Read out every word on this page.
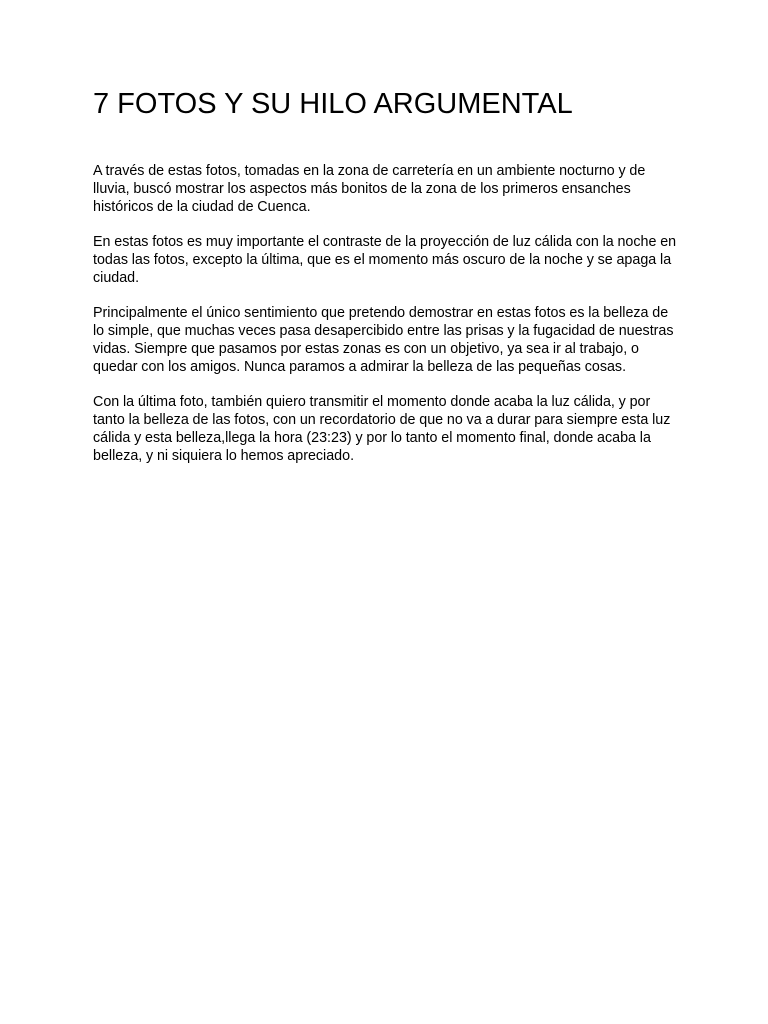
7 FOTOS Y SU HILO ARGUMENTAL

A través de estas fotos, tomadas en la zona de carretería en un ambiente nocturno y de lluvia, buscó mostrar los aspectos más bonitos de la zona de los primeros ensanches históricos de la ciudad de Cuenca.

En estas fotos es muy importante el contraste de la proyección de luz cálida con la noche en todas las fotos, excepto la última, que es el momento más oscuro de la noche y se apaga la ciudad.

Principalmente el único sentimiento que pretendo demostrar en estas fotos es la belleza de lo simple, que muchas veces pasa desapercibido entre las prisas y la fugacidad de nuestras vidas. Siempre que pasamos por estas zonas es con un objetivo, ya sea ir al trabajo, o quedar con los amigos. Nunca paramos a admirar la belleza de las pequeñas cosas.

Con la última foto, también quiero transmitir el momento donde acaba la luz cálida, y por tanto la belleza de las fotos, con un recordatorio de que no va a durar para siempre esta luz cálida y esta belleza,llega la hora (23:23) y por lo tanto el momento final, donde acaba la belleza, y ni siquiera lo hemos apreciado.
